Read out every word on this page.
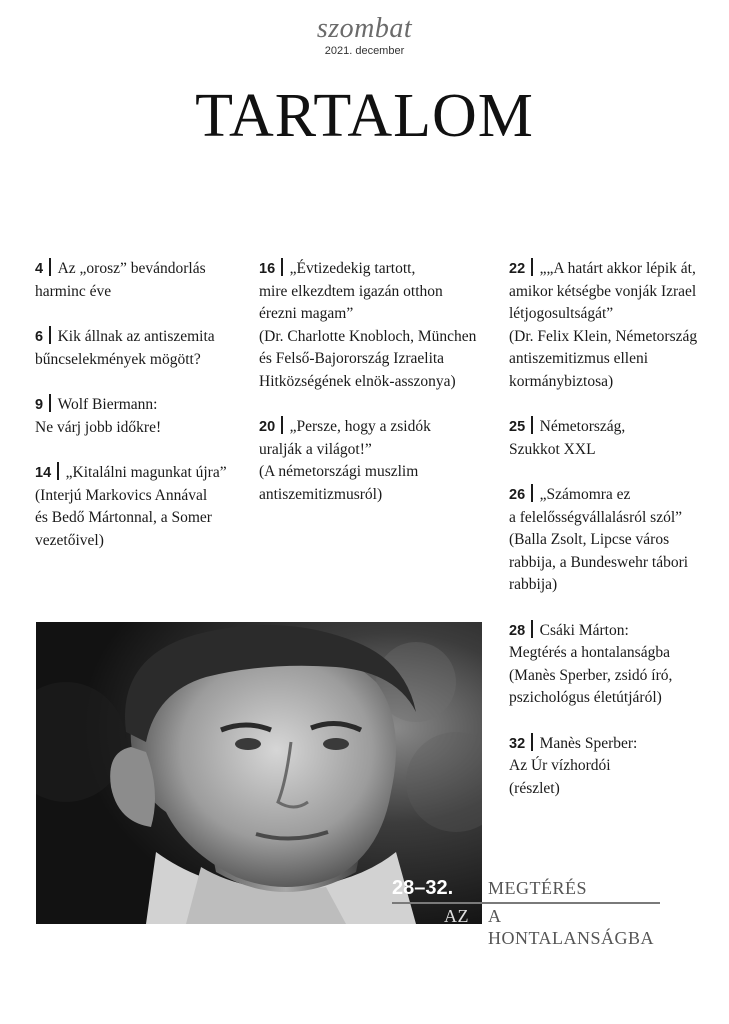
szombat
2021. december
TARTALOM
4 Az „orosz” bevándorlás
harminc éve
6 Kik állnak az antiszemita
bűncselekmények mögött?
9 Wolf Biermann:
Ne várj jobb időkre!
14 „Kitalálni magunkat újra”
(Interjú Markovics Annával
és Bedő Mártonnal, a Somer
vezetőivel)
16 „Évtizedekig tartott,
mire elkezdtem igazán otthon
érezni magam”
(Dr. Charlotte Knobloch, München
és Felső-Bajorország Izraelita
Hitközségének elnök-asszonya)
20 „Persze, hogy a zsidók
uralják a világot!”
(A németországi muszlim
antiszemitizmusról)
22 „„A határt akkor lépik át,
amikor kétségbe vonják Izrael
létjogosultságát”
(Dr. Felix Klein, Németország
antiszemitizmus elleni
kormánybiztosa)
25 Németország,
Szukkot XXL
26 „Számomra ez
a felelősségvállalásról szól”
(Balla Zsolt, Lipcse város
rabbija, a Bundeswehr tábori
rabbija)
28 Csáki Márton:
Megtérés a hontalanságba
(Manès Sperber, zsidó író,
pszichológus életútjáról)
32 Manès Sperber:
Az Úr vízhordói
(részlet)
28–32. MEGTÉRÉS
AZ A HONTALANSÁGBA
